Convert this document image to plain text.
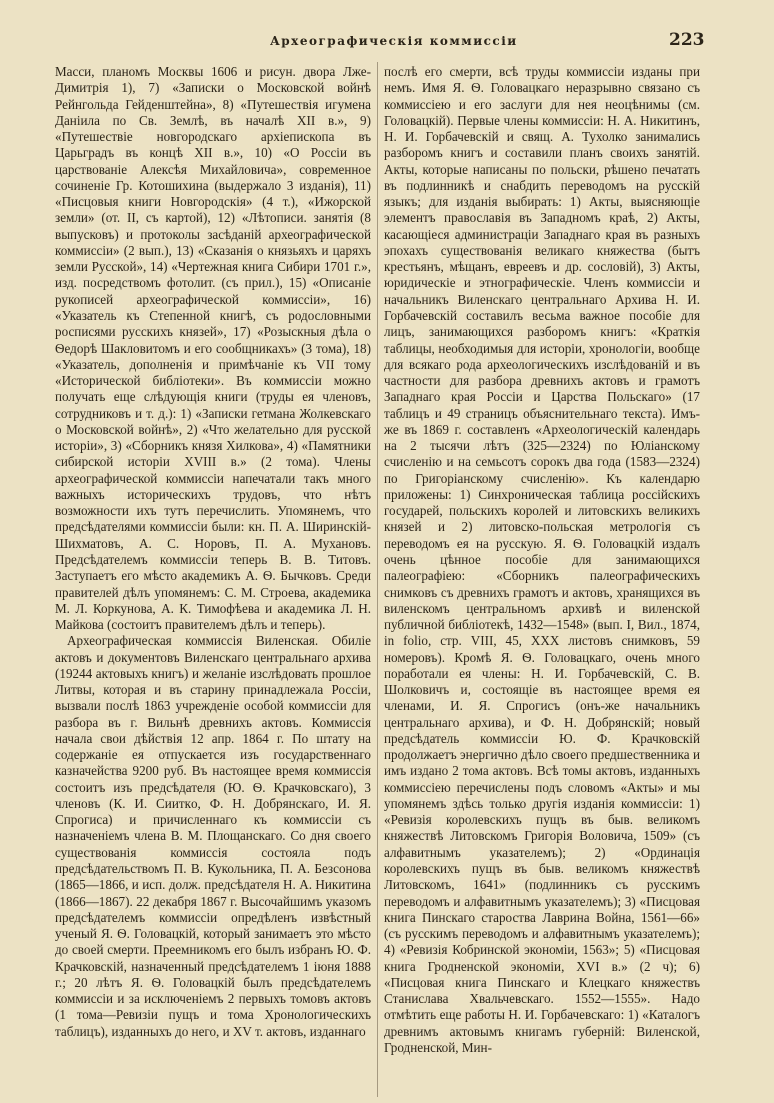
Археографическія коммиссіи	223

Масси, планомъ Москвы 1606 и рисун. двора Лже-Димитрія 1), 7) «Записки о Московской войнѣ Рейнгольда Гейденштейна», 8) «Путешествія игумена Даніила по Св. Землѣ, въ началѣ XII в.», 9) «Путешествіе новгородскаго архіепископа въ Царьградъ въ концѣ XII в.», 10) «О Россіи въ царствованіе Алексѣя Михайловича», современное сочиненіе Гр. Котошихина (выдержало 3 изданія), 11) «Писцовыя книги Новгородскія» (4 т.), «Ижорской земли» (от. II, съ картой), 12) «Лѣтописи. занятія (8 выпусковъ) и протоколы засѣданій археографической коммиссіи» (2 вып.), 13) «Сказанія о князьяхъ и царяхъ земли Русской», 14) «Чертежная книга Сибири 1701 г.», изд. посредствомъ фотолит. (съ прил.), 15) «Описаніе рукописей археографической коммиссіи», 16) «Указатель къ Степенной книгѣ, съ родословными росписями русскихъ князей», 17) «Розыскныя дѣла о Ѳедорѣ Шакловитомъ и его сообщникахъ» (3 тома), 18) «Указатель, дополненія и примѣчаніе къ VII тому «Исторической библіотеки». Въ коммиссіи можно получать еще слѣдующія книги (труды ея членовъ, сотрудниковъ и т. д.): 1) «Записки гетмана Жолкевскаго о Московской войнѣ», 2) «Что желательно для русской исторіи», 3) «Сборникъ князя Хилкова», 4) «Памятники сибирской исторіи XVIII в.» (2 тома). Члены археографической коммиссіи напечатали такъ много важныхъ историческихъ трудовъ, что нѣтъ возможности ихъ тутъ перечислить. Упомянемъ, что предсѣдателями коммиссіи были: кн. П. А. Ширинскій-Шихматовъ, А. С. Норовъ, П. А. Мухановъ. Предсѣдателемъ коммиссіи теперь В. В. Титовъ. Заступаетъ его мѣсто академикъ А. Ѳ. Бычковъ. Среди правителей дѣлъ упомянемъ: С. М. Строева, академика М. Л. Коркунова, А. К. Тимофѣева и академика Л. Н. Майкова (состоитъ правителемъ дѣлъ и теперь).

Археографическая коммиссія Виленская. Обиліе актовъ и документовъ Виленскаго центральнаго архива (19244 актовыхъ книгъ) и желаніе изслѣдовать прошлое Литвы, которая и въ старину принадлежала Россіи, вызвали послѣ 1863 учрежденіе особой коммиссіи для разбора въ г. Вильнѣ древнихъ актовъ. Коммиссія начала свои дѣйствія 12 апр. 1864 г. По штату на содержаніе ея отпускается изъ государственнаго казначейства 9200 руб. Въ настоящее время коммиссія состоитъ изъ предсѣдателя (Ю. Ѳ. Крачковскаго), 3 членовъ (К. И. Сииткo, Ф. Н. Добрянскаго, И. Я. Спрогиса) и причисленнаго къ коммиссіи съ назначеніемъ члена В. М. Площанскаго. Со дня своего существованія коммиссія состояла подъ предсѣдательствомъ П. В. Кукольника, П. А. Безсонова (1865—1866, и исп. долж. предсѣдателя Н. А. Никитина (1866—1867). 22 декабря 1867 г. Высочайшимъ указомъ предсѣдателемъ коммиссіи опредѣленъ извѣстный ученый Я. Ѳ. Головацкій, который занимаетъ это мѣсто до своей смерти. Преемникомъ его былъ избранъ Ю. Ф. Крачковскій, назначенный предсѣдателемъ 1 іюня 1888 г.; 20 лѣтъ Я. Ѳ. Головацкій былъ предсѣдателемъ коммиссіи и за исключеніемъ 2 первыхъ томовъ актовъ (1 тома—Ревизіи пущъ и тома Хронологическихъ таблицъ), изданныхъ до него, и XV т. актовъ, изданнаго

послѣ его смерти, всѣ труды коммиссіи изданы при немъ. Имя Я. Ѳ. Головацкаго неразрывно связано съ коммиссіею и его заслуги для нея неоцѣнимы (см. Головацкій). Первые члены коммиссіи: Н. А. Никитинъ, Н. И. Горбачевскій и свящ. А. Тухолко занимались разборомъ книгъ и составили планъ своихъ занятій. Акты, которые написаны по польски, рѣшено печатать въ подлинникѣ и снабдить переводомъ на русскій языкъ; для изданія выбирать: 1) Акты, выясняющіе элементъ православія въ Западномъ краѣ, 2) Акты, касающіеся администраціи Западнаго края въ разныхъ эпохахъ существованія великаго княжества (бытъ крестьянъ, мѣщанъ, евреевъ и др. сословій), 3) Акты, юридическіе и этнографическіе. Членъ коммиссіи и начальникъ Виленскаго центральнаго Архива Н. И. Горбачевскій составилъ весьма важное пособіе для лицъ, занимающихся разборомъ книгъ: «Краткія таблицы, необходимыя для исторіи, хронологіи, вообще для всякаго рода археологическихъ изслѣдованій и въ частности для разбора древнихъ актовъ и грамотъ Западнаго края Россіи и Царства Польскаго» (17 таблицъ и 49 страницъ объяснительнаго текста). Имъ-же въ 1869 г. составленъ «Археологическій календарь на 2 тысячи лѣтъ (325—2324) по Юліанскому счисленію и на семьсотъ сорокъ два года (1583—2324) по Григоріанскому счисленію». Къ календарю приложены: 1) Синхроническая таблица россійскихъ государей, польскихъ королей и литовскихъ великихъ князей и 2) литовско-польская метрологія съ переводомъ ея на русскую. Я. Ѳ. Головацкій издалъ очень цѣнное пособіе для занимающихся палеографіею: «Сборникъ палеографическихъ снимковъ съ древнихъ грамотъ и актовъ, хранящихся въ виленскомъ центральномъ архивѣ и виленской публичной библіотекѣ, 1432—1548» (вып. I, Вил., 1874, in folio, стр. VIII, 45, XXX листовъ снимковъ, 59 номеровъ). Кромѣ Я. Ѳ. Головацкаго, очень много поработали ея члены: Н. И. Горбачевскій, С. В. Шолковичъ и, состоящіе въ настоящее время ея членами, И. Я. Спрогисъ (онъ-же начальникъ центральнаго архива), и Ф. Н. Добрянскій; новый предсѣдатель коммиссіи Ю. Ф. Крачковскій продолжаетъ энергично дѣло своего предшественника и имъ издано 2 тома актовъ. Всѣ томы актовъ, изданныхъ коммиссіею перечислены подъ словомъ «Акты» и мы упомянемъ здѣсь только другія изданія коммиссіи: 1) «Ревизія королевскихъ пущъ въ быв. великомъ княжествѣ Литовскомъ Григорія Воловича, 1509» (съ алфавитнымъ указателемъ); 2) «Ординація королевскихъ пущъ въ быв. великомъ княжествѣ Литовскомъ, 1641» (подлинникъ съ русскимъ переводомъ и алфавитнымъ указателемъ); 3) «Писцовая книга Пинскаго староства Лаврина Война, 1561—66» (съ русскимъ переводомъ и алфавитнымъ указателемъ); 4) «Ревизія Кобринской экономіи, 1563»; 5) «Писцовая книга Гродненской экономіи, XVI в.» (2 ч); 6) «Писцовая книга Пинскаго и Клецкаго княжествъ Станислава Хвальчевскаго. 1552—1555». Надо отмѣтить еще работы Н. И. Горбачевскаго: 1) «Каталогъ древнимъ актовымъ книгамъ губерній: Виленской, Гродненской, Мин-
